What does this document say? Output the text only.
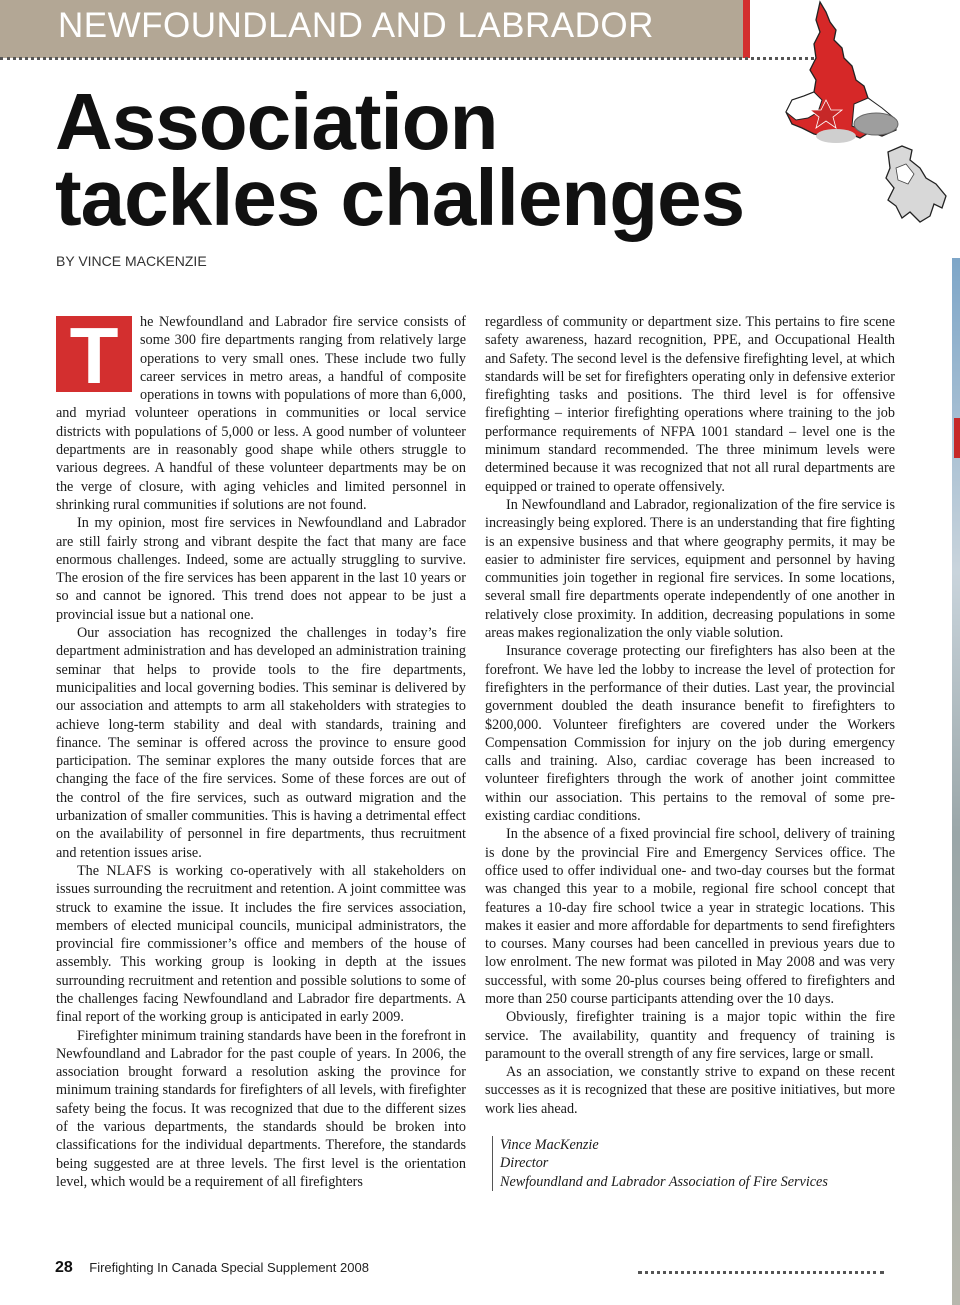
NEWFOUNDLAND AND LABRADOR
Association
tackles challenges
BY VINCE MACKENZIE

T	he Newfoundland and Labrador fire service consists of some 300 fire departments ranging from relatively large operations to very small ones. These include two fully career services in metro areas, a handful of composite operations in towns with populations of more than 6,000, and myriad volunteer operations in communities or local service districts with populations of 5,000 or less. A good number of volunteer departments are in reasonably good shape while others struggle to various degrees. A handful of these volunteer departments may be on the verge of closure, with aging vehicles and limited personnel in shrinking rural communities if solutions are not found.

In my opinion, most fire services in Newfoundland and Labrador are still fairly strong and vibrant despite the fact that many are face enormous challenges. Indeed, some are actually struggling to survive. The erosion of the fire services has been apparent in the last 10 years or so and cannot be ignored. This trend does not appear to be just a provincial issue but a national one.

Our association has recognized the challenges in today’s fire department administration and has developed an administration training seminar that helps to provide tools to the fire departments, municipalities and local governing bodies. This seminar is delivered by our association and attempts to arm all stakeholders with strategies to achieve long-term stability and deal with standards, training and finance. The seminar is offered across the province to ensure good participation. The seminar explores the many outside forces that are changing the face of the fire services. Some of these forces are out of the control of the fire services, such as outward migration and the urbanization of smaller communities. This is having a detrimental effect on the availability of personnel in fire departments, thus recruitment and retention issues arise.

The NLAFS is working co-operatively with all stakeholders on issues surrounding the recruitment and retention. A joint committee was struck to examine the issue. It includes the fire services association, members of elected municipal councils, municipal administrators, the provincial fire commissioner’s office and members of the house of assembly. This working group is looking in depth at the issues surrounding recruitment and retention and possible solutions to some of the challenges facing Newfoundland and Labrador fire departments. A final report of the working group is anticipated in early 2009.

Firefighter minimum training standards have been in the forefront in Newfoundland and Labrador for the past couple of years. In 2006, the association brought forward a resolution asking the province for minimum training standards for firefighters of all levels, with firefighter safety being the focus. It was recognized that due to the different sizes of the various departments, the standards should be broken into classifications for the individual departments. Therefore, the standards being suggested are at three levels. The first level is the orientation level, which would be a requirement of all firefighters

regardless of community or department size. This pertains to fire scene safety awareness, hazard recognition, PPE, and Occupational Health and Safety. The second level is the defensive firefighting level, at which standards will be set for firefighters operating only in defensive exterior firefighting tasks and positions. The third level is for offensive firefighting – interior firefighting operations where training to the job performance requirements of NFPA 1001 standard – level one is the minimum standard recommended. The three minimum levels were determined because it was recognized that not all rural departments are equipped or trained to operate offensively.

In Newfoundland and Labrador, regionalization of the fire service is increasingly being explored. There is an understanding that fire fighting is an expensive business and that where geography permits, it may be easier to administer fire services, equipment and personnel by having communities join together in regional fire services. In some locations, several small fire departments operate independently of one another in relatively close proximity. In addition, decreasing populations in some areas makes regionalization the only viable solution.

Insurance coverage protecting our firefighters has also been at the forefront. We have led the lobby to increase the level of protection for firefighters in the performance of their duties. Last year, the provincial government doubled the death insurance benefit to firefighters to $200,000. Volunteer firefighters are covered under the Workers Compensation Commission for injury on the job during emergency calls and training. Also, cardiac coverage has been increased to volunteer firefighters through the work of another joint committee within our association. This pertains to the removal of some pre-existing cardiac conditions.

In the absence of a fixed provincial fire school, delivery of training is done by the provincial Fire and Emergency Services office. The office used to offer individual one- and two-day courses but the format was changed this year to a mobile, regional fire school concept that features a 10-day fire school twice a year in strategic locations. This makes it easier and more affordable for departments to send firefighters to courses. Many courses had been cancelled in previous years due to low enrolment. The new format was piloted in May 2008 and was very successful, with some 20-plus courses being offered to firefighters and more than 250 course participants attending over the 10 days.

Obviously, firefighter training is a major topic within the fire service. The availability, quantity and frequency of training is paramount to the overall strength of any fire services, large or small.

As an association, we constantly strive to expand on these recent successes as it is recognized that these are positive initiatives, but more work lies ahead.

Vince MacKenzie
Director
Newfoundland and Labrador Association of Fire Services
28 Firefighting In Canada Special Supplement 2008
